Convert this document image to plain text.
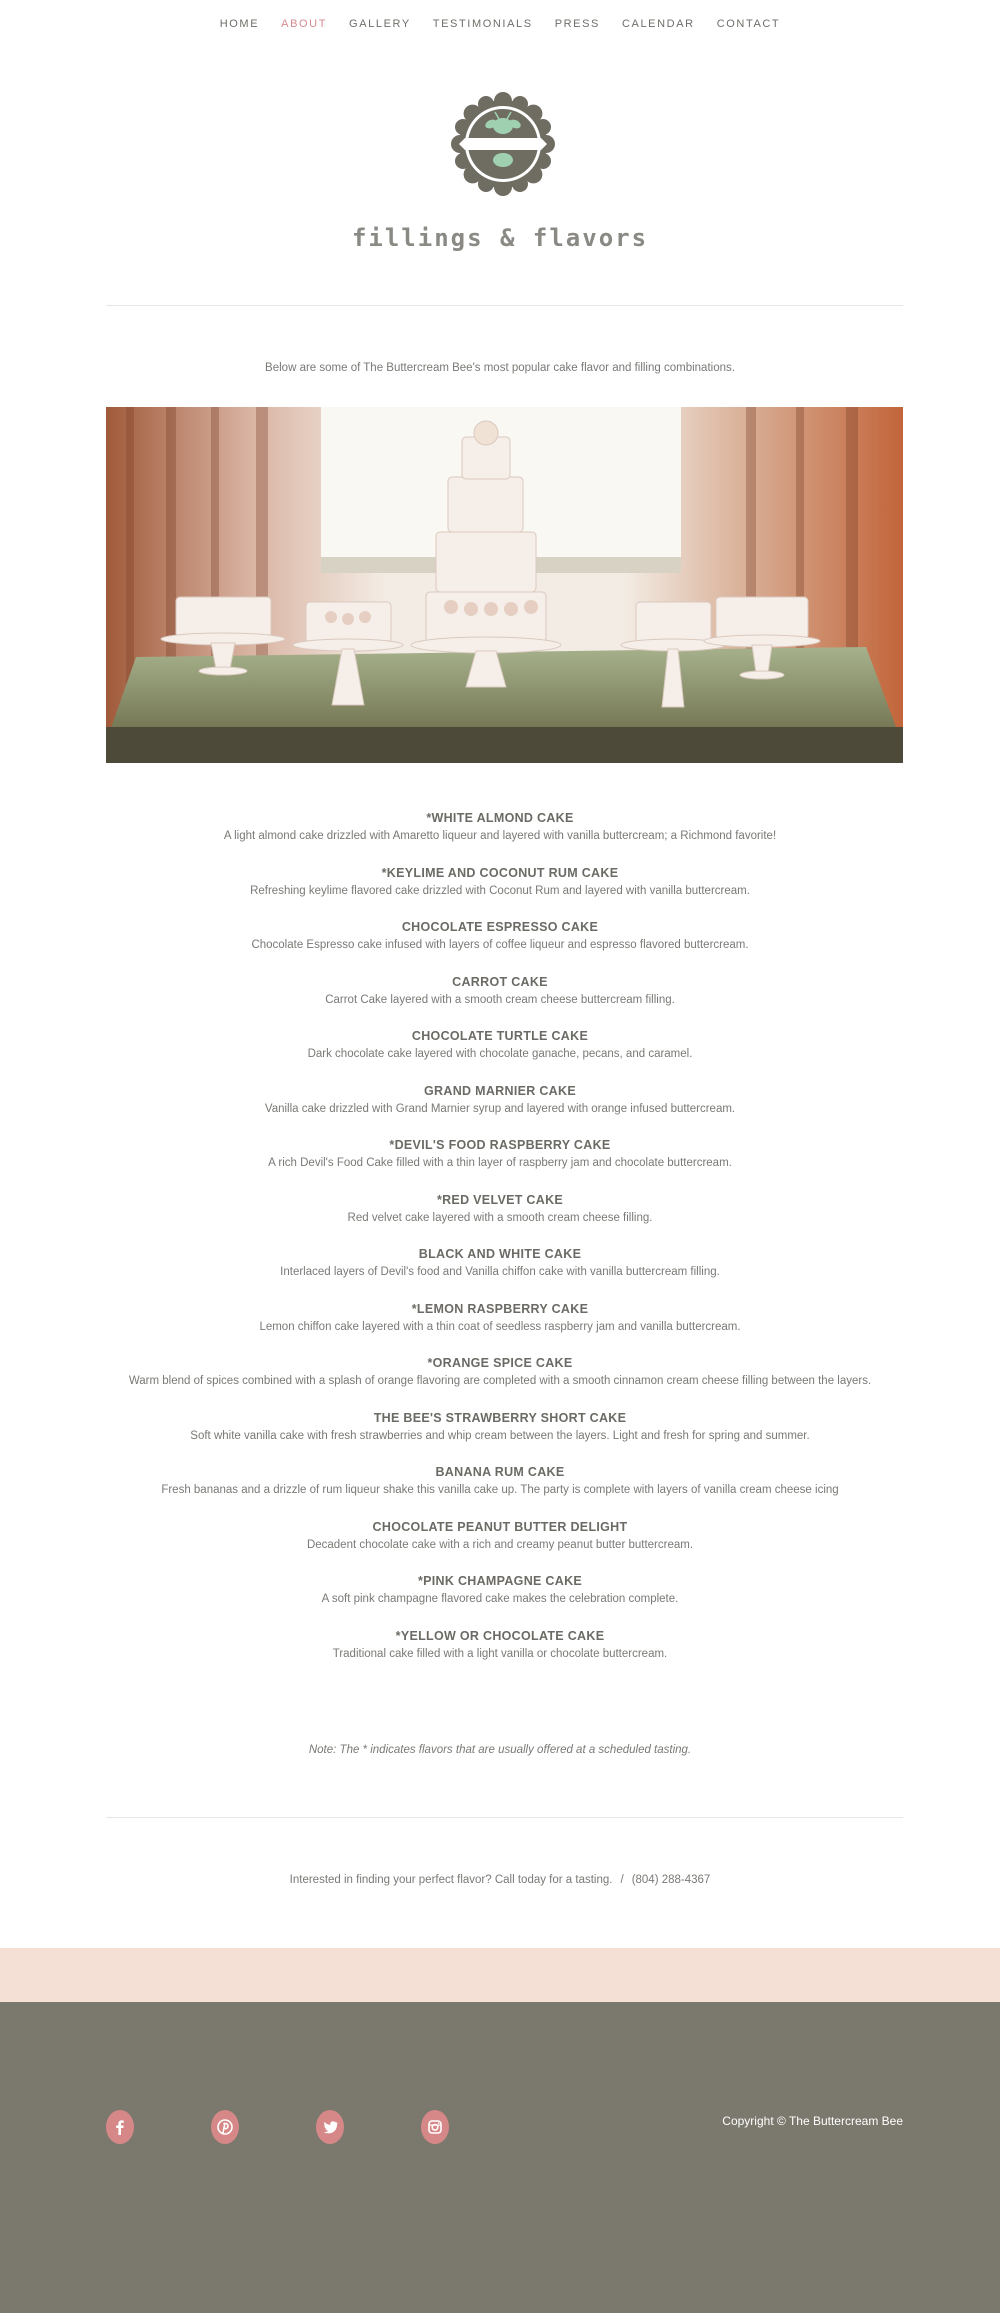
HOME	ABOUT	GALLERY	TESTIMONIALS	PRESS	CALENDAR	CONTACT
fillings & flavors

Below are some of The Buttercream Bee's most popular cake flavor and filling combinations.

*WHITE ALMOND CAKE
A light almond cake drizzled with Amaretto liqueur and layered with vanilla buttercream; a Richmond favorite!
*KEYLIME AND COCONUT RUM CAKE
Refreshing keylime flavored cake drizzled with Coconut Rum and layered with vanilla buttercream.
CHOCOLATE ESPRESSO CAKE
Chocolate Espresso cake infused with layers of coffee liqueur and espresso flavored buttercream.
CARROT CAKE
Carrot Cake layered with a smooth cream cheese buttercream filling.
CHOCOLATE TURTLE CAKE
Dark chocolate cake layered with chocolate ganache, pecans, and caramel.
GRAND MARNIER CAKE
Vanilla cake drizzled with Grand Marnier syrup and layered with orange infused buttercream.
*DEVIL'S FOOD RASPBERRY CAKE
A rich Devil's Food Cake filled with a thin layer of raspberry jam and chocolate buttercream.
*RED VELVET CAKE
Red velvet cake layered with a smooth cream cheese filling.
BLACK AND WHITE CAKE
Interlaced layers of Devil's food and Vanilla chiffon cake with vanilla buttercream filling.
*LEMON RASPBERRY CAKE
Lemon chiffon cake layered with a thin coat of seedless raspberry jam and vanilla buttercream.
*ORANGE SPICE CAKE
Warm blend of spices combined with a splash of orange flavoring are completed with a smooth cinnamon cream cheese filling between the layers.
THE BEE'S STRAWBERRY SHORT CAKE
Soft white vanilla cake with fresh strawberries and whip cream between the layers. Light and fresh for spring and summer.
BANANA RUM CAKE
Fresh bananas and a drizzle of rum liqueur shake this vanilla cake up. The party is complete with layers of vanilla cream cheese icing
CHOCOLATE PEANUT BUTTER DELIGHT
Decadent chocolate cake with a rich and creamy peanut butter buttercream.
*PINK CHAMPAGNE CAKE
A soft pink champagne flavored cake makes the celebration complete.
*YELLOW OR CHOCOLATE CAKE
Traditional cake filled with a light vanilla or chocolate buttercream.

Note: The * indicates flavors that are usually offered at a scheduled tasting.

Interested in finding your perfect flavor? Call today for a tasting. / (804) 288-4367

Copyright © The Buttercream Bee
